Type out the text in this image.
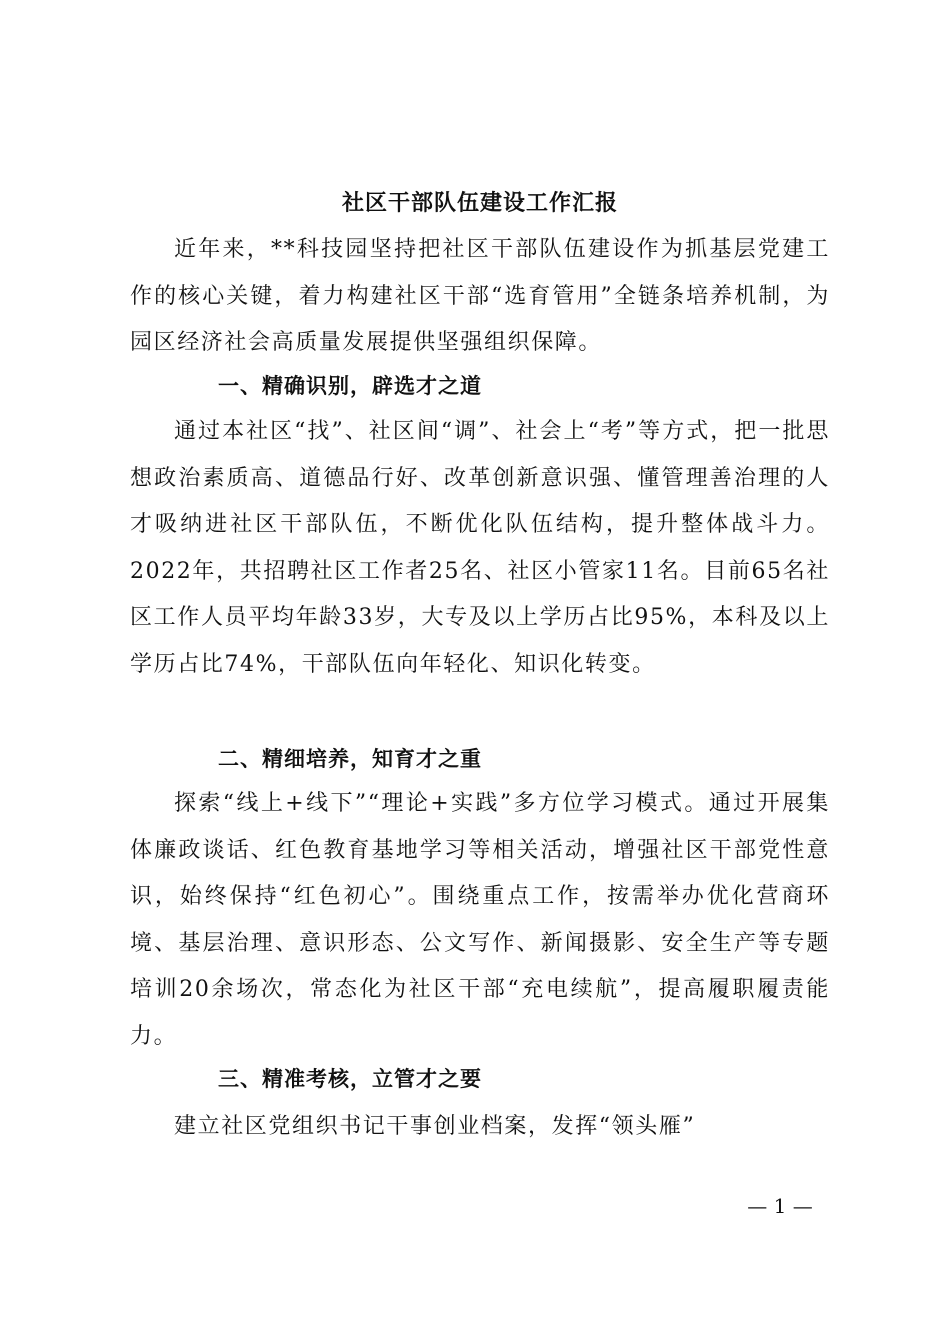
社区干部队伍建设工作汇报
近年来，**科技园坚持把社区干部队伍建设作为抓基层党建工作的核心关键，着力构建社区干部“选育管用”全链条培养机制，为园区经济社会高质量发展提供坚强组织保障。
一、精确识别，辟选才之道
通过本社区“找”、社区间“调”、社会上“考”等方式，把一批思想政治素质高、道德品行好、改革创新意识强、懂管理善治理的人才吸纳进社区干部队伍，不断优化队伍结构，提升整体战斗力。2022年，共招聘社区工作者25名、社区小管家11名。目前65名社区工作人员平均年龄33岁，大专及以上学历占比95%，本科及以上学历占比74%，干部队伍向年轻化、知识化转变。
二、精细培养，知育才之重
探索“线上+线下”“理论+实践”多方位学习模式。通过开展集体廉政谈话、红色教育基地学习等相关活动，增强社区干部党性意识，始终保持“红色初心”。围绕重点工作，按需举办优化营商环境、基层治理、意识形态、公文写作、新闻摄影、安全生产等专题培训20余场次，常态化为社区干部“充电续航”，提高履职履责能力。
三、精准考核，立管才之要
建立社区党组织书记干事创业档案，发挥“领头雁”
— 1 —
